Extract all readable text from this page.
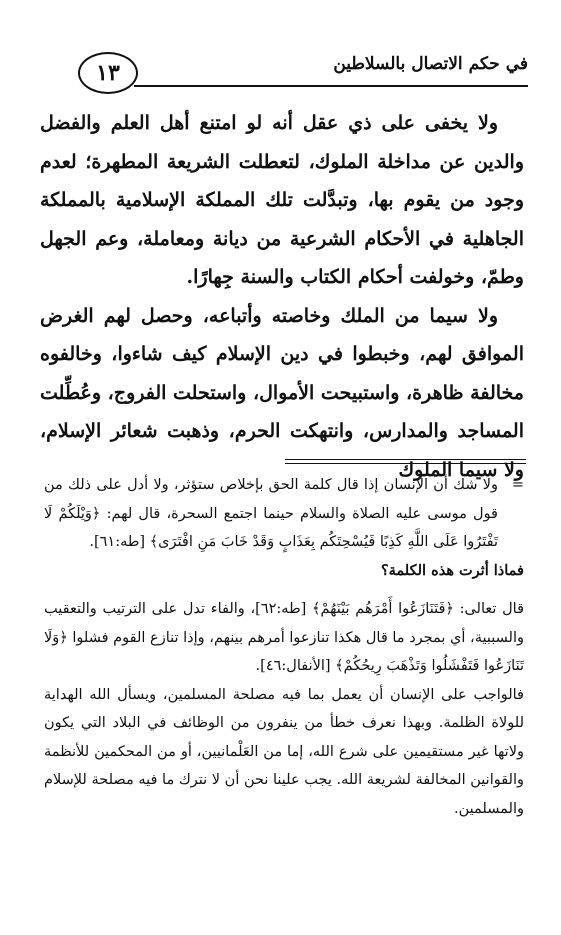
١٣	في حكم الاتصال بالسلاطين

ولا يخفى على ذي عقل أنه لو امتنع أهل العلم والفضل والدين عن مداخلة الملوك، لتعطلت الشريعة المطهرة؛ لعدم وجود من يقوم بها، وتبدَّلت تلك المملكة الإسلامية بالمملكة الجاهلية في الأحكام الشرعية من ديانة ومعاملة، وعم الجهل وطمّ، وخولفت أحكام الكتاب والسنة جِهارًا.

ولا سيما من الملك وخاصته وأتباعه، وحصل لهم الغرض الموافق لهم، وخبطوا في دين الإسلام كيف شاءوا، وخالفوه مخالفة ظاهرة، واستبيحت الأموال، واستحلت الفروج، وعُطِّلت المساجد والمدارس، وانتهكت الحرم، وذهبت شعائر الإسلام، ولا سيما الملوك

=
ولا شك أن الإنسان إذا قال كلمة الحق بإخلاص ستؤثر، ولا أدل على ذلك من قول موسى عليه الصلاة والسلام حينما اجتمع السحرة، قال لهم: ﴿وَيْلَكُمْ لَا تَفْتَرُوا عَلَى اللَّهِ كَذِبًا فَيُسْحِتَكُم بِعَذَابٍ وَقَدْ خَابَ مَنِ افْتَرَى﴾ [طه:٦١].

فماذا أثرت هذه الكلمة؟

قال تعالى: ﴿فَتَنَازَعُوا أَمْرَهُم بَيْنَهُمْ﴾ [طه:٦٢]، والفاء تدل على الترتيب والتعقيب والسببية، أي بمجرد ما قال هكذا تنازعوا أمرهم بينهم، وإذا تنازع القوم فشلوا ﴿وَلَا تَنَازَعُوا فَتَفْشَلُوا وَتَذْهَبَ رِيحُكُمْ﴾ [الأنفال:٤٦].

فالواجب على الإنسان أن يعمل بما فيه مصلحة المسلمين، ويسأل الله الهداية للولاة الظلمة. وبهذا نعرف خطأ من ينفرون من الوظائف في البلاد التي يكون ولاتها غير مستقيمين على شرع الله، إما من العَلْمانيين، أو من المحكمين للأنظمة والقوانين المخالفة لشريعة الله. يجب علينا نحن أن لا نترك ما فيه مصلحة للإسلام والمسلمين.
